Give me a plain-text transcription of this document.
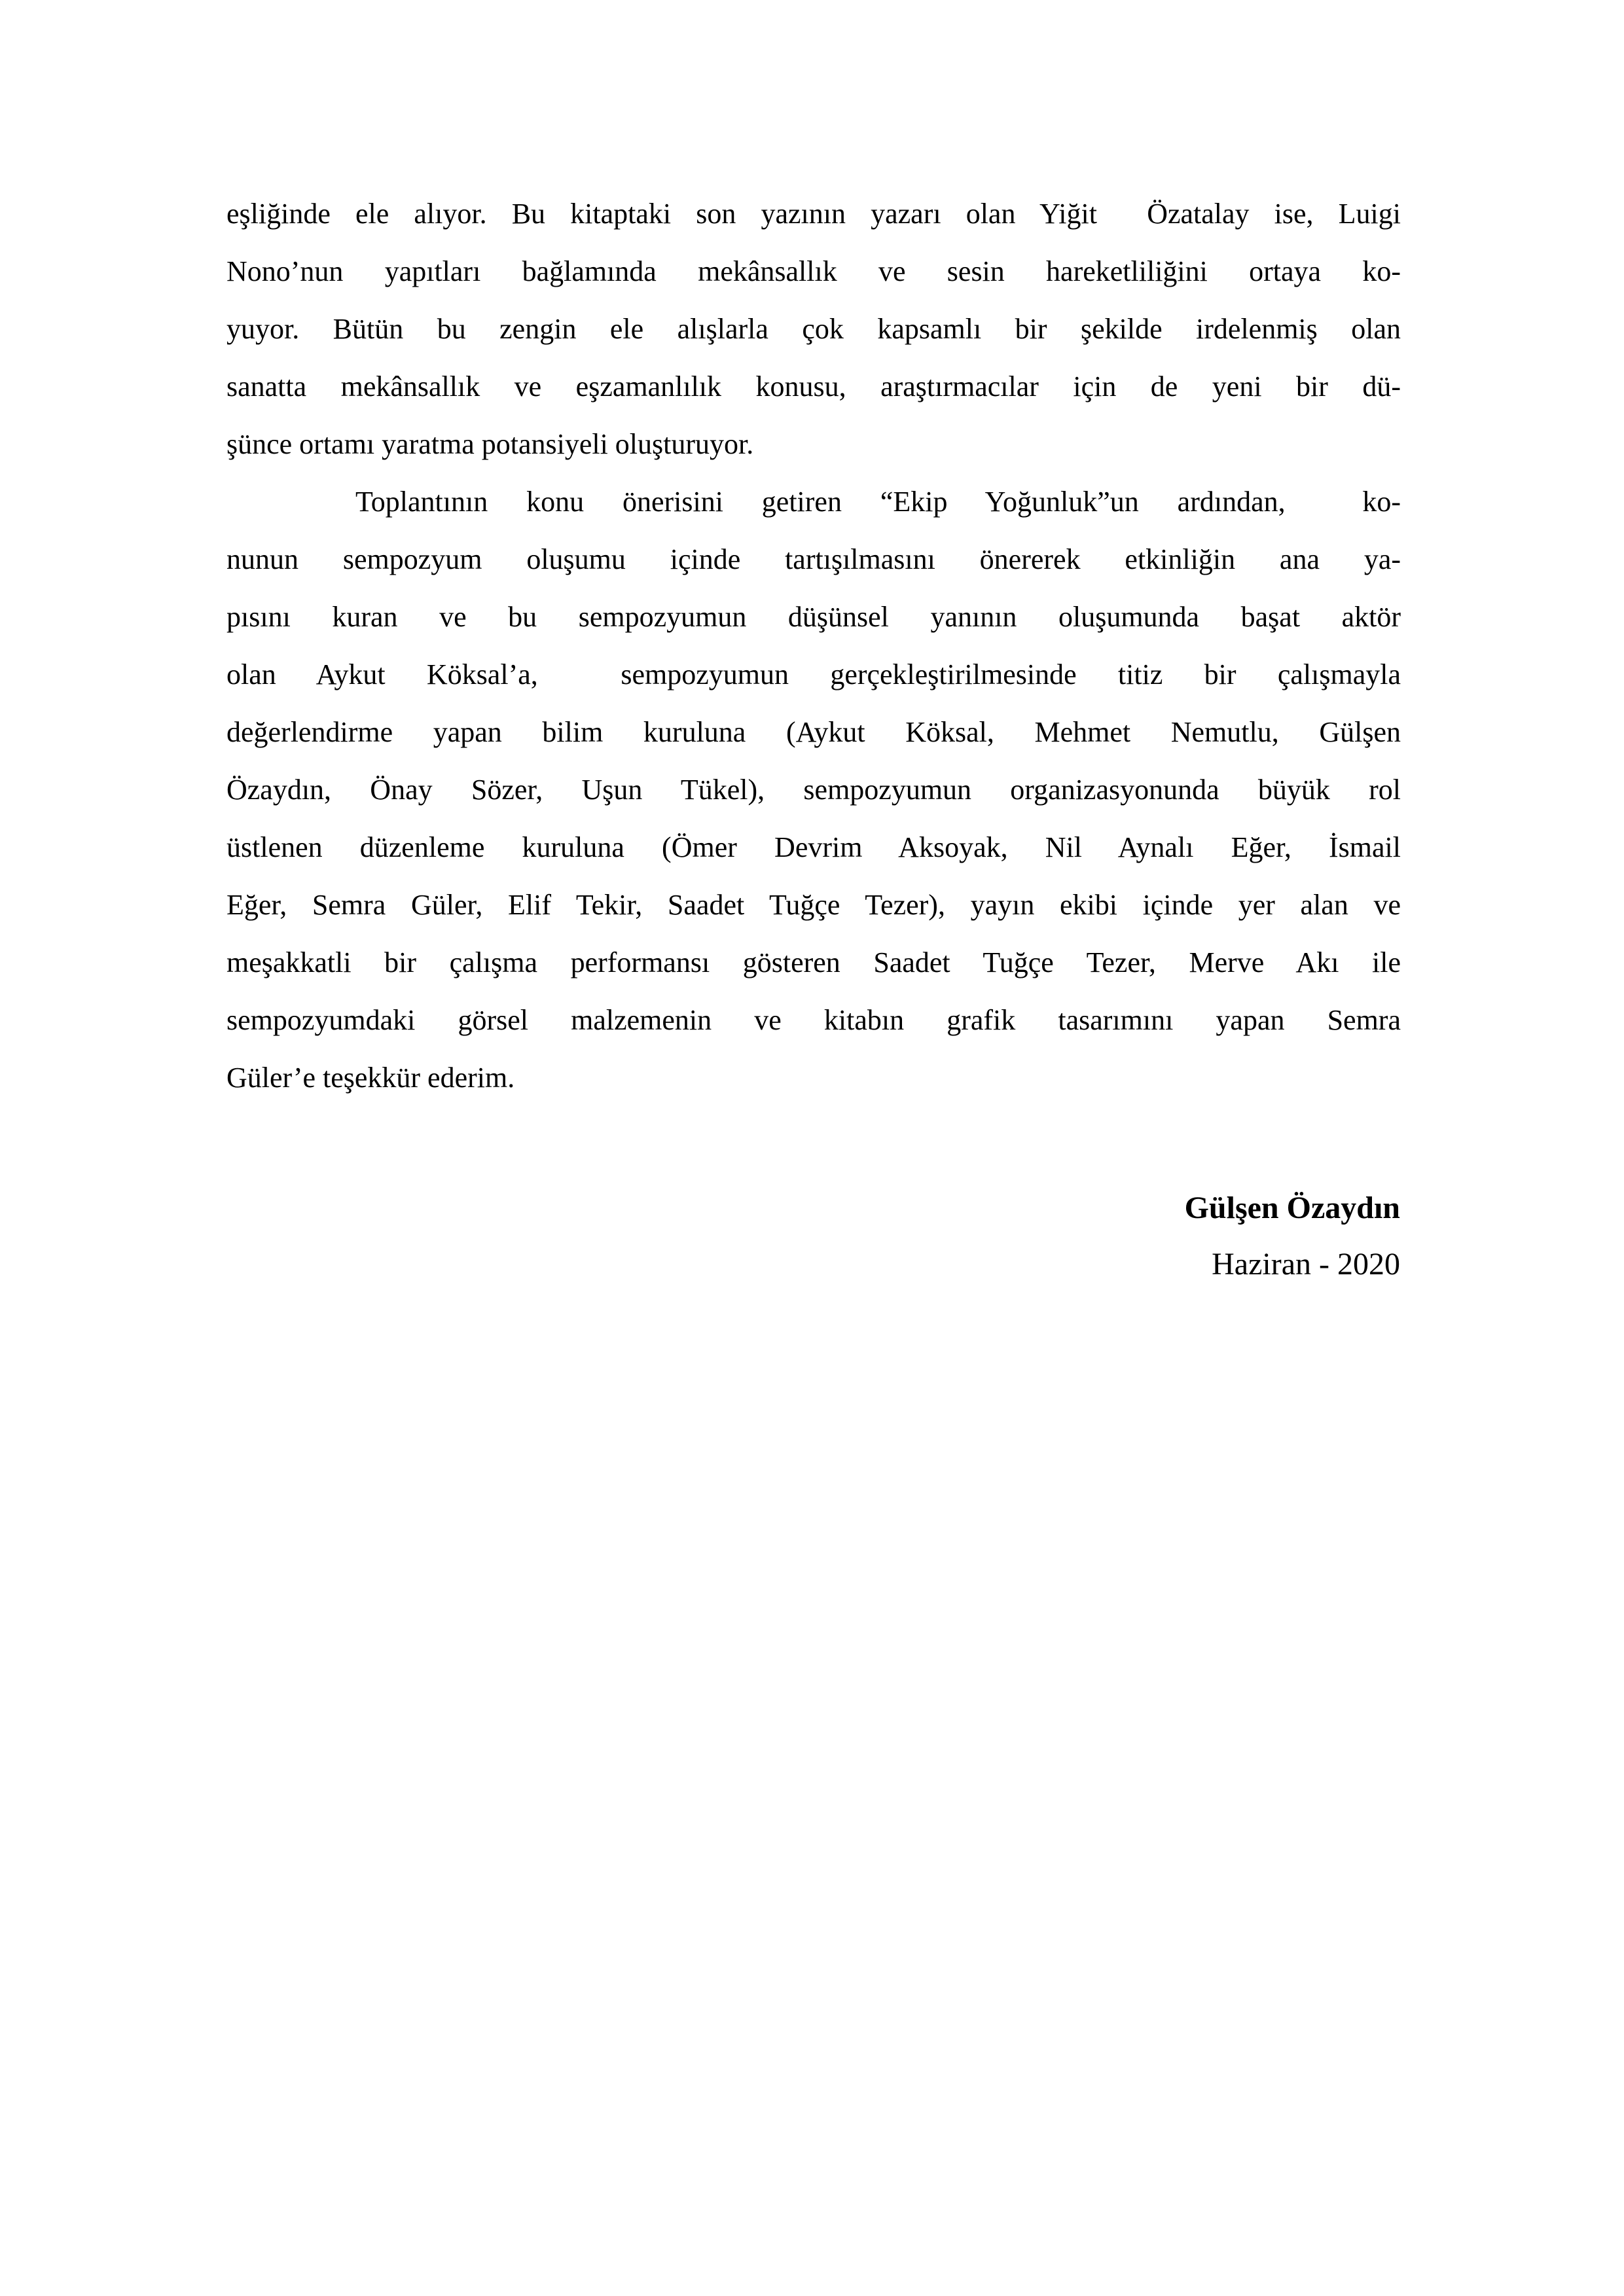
eşliğinde ele alıyor. Bu kitaptaki son yazının yazarı olan Yiğit  Özatalay ise, Luigi
Nono’nun yapıtları bağlamında mekânsallık ve sesin hareketliliğini ortaya ko-
yuyor. Bütün bu zengin ele alışlarla çok kapsamlı bir şekilde irdelenmiş olan
sanatta mekânsallık ve eşzamanlılık konusu, araştırmacılar için de yeni bir dü-
şünce ortamı yaratma potansiyeli oluşturuyor.
Toplantının konu önerisini getiren “Ekip Yoğunluk”un ardından,  ko-
nunun sempozyum oluşumu içinde tartışılmasını önererek etkinliğin ana ya-
pısını kuran ve bu sempozyumun düşünsel yanının oluşumunda başat aktör
olan Aykut Köksal’a,  sempozyumun gerçekleştirilmesinde titiz bir çalışmayla
değerlendirme yapan bilim kuruluna (Aykut Köksal, Mehmet Nemutlu, Gülşen
Özaydın, Önay Sözer, Uşun Tükel), sempozyumun organizasyonunda büyük rol
üstlenen düzenleme kuruluna (Ömer Devrim Aksoyak, Nil Aynalı Eğer, İsmail
Eğer, Semra Güler, Elif Tekir, Saadet Tuğçe Tezer), yayın ekibi içinde yer alan ve
meşakkatli bir çalışma performansı gösteren Saadet Tuğçe Tezer, Merve Akı ile
sempozyumdaki görsel malzemenin ve kitabın grafik tasarımını yapan Semra
Güler’e teşekkür ederim.
Gülşen Özaydın
Haziran - 2020
